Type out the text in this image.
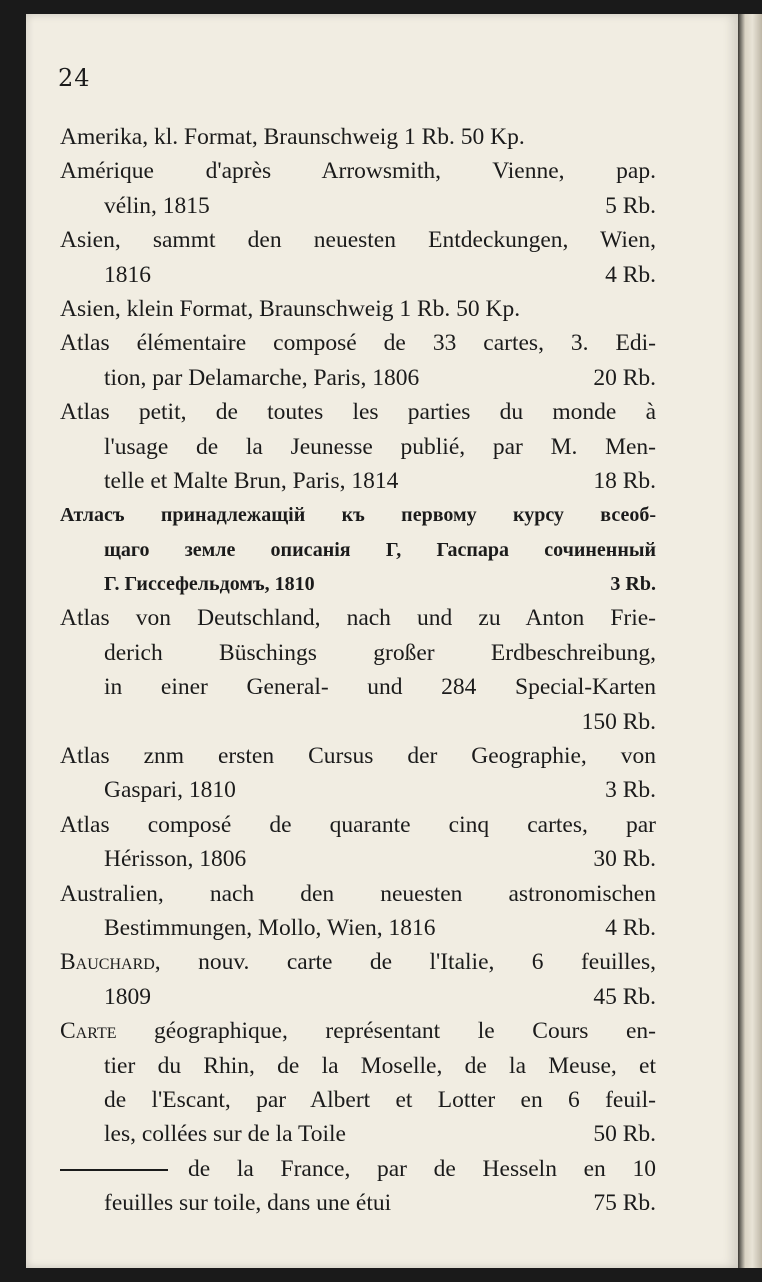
24
Amerika, kl. Format, Braunschweig 1 Rb. 50 Kp.
Amérique d'après Arrowsmith, Vienne, pap.
vélin, 1815	5 Rb.
Asien, sammt den neuesten Entdeckungen, Wien,
1816	4 Rb.
Asien, klein Format, Braunschweig 1 Rb. 50 Kp.
Atlas élémentaire composé de 33 cartes, 3. Edi-
tion, par Delamarche, Paris, 1806	20 Rb.
Atlas petit, de toutes les parties du monde à
l'usage de la Jeunesse publié, par M. Men-
telle et Malte Brun, Paris, 1814	18 Rb.
Атласъ принадлежащій къ первому курсу всеоб-
щаго земле описанія Г, Гаспара сочиненный
Г. Гиссефельдомъ, 1810	3 Rb.
Atlas von Deutschland, nach und zu Anton Frie-
derich Büschings großer Erdbeschreibung,
in einer General- und 284 Special-Karten
150 Rb.
Atlas znm ersten Cursus der Geographie, von
Gaspari, 1810	3 Rb.
Atlas composé de quarante cinq cartes, par
Hérisson, 1806	30 Rb.
Australien, nach den neuesten astronomischen
Bestimmungen, Mollo, Wien, 1816	4 Rb.
Bauchard, nouv. carte de l'Italie, 6 feuilles,
1809	45 Rb.
Carte géographique, représentant le Cours en-
tier du Rhin, de la Moselle, de la Meuse, et
de l'Escant, par Albert et Lotter en 6 feuil-
les, collées sur de la Toile	50 Rb.
de la France, par de Hesseln en 10
feuilles sur toile, dans une étui	75 Rb.
